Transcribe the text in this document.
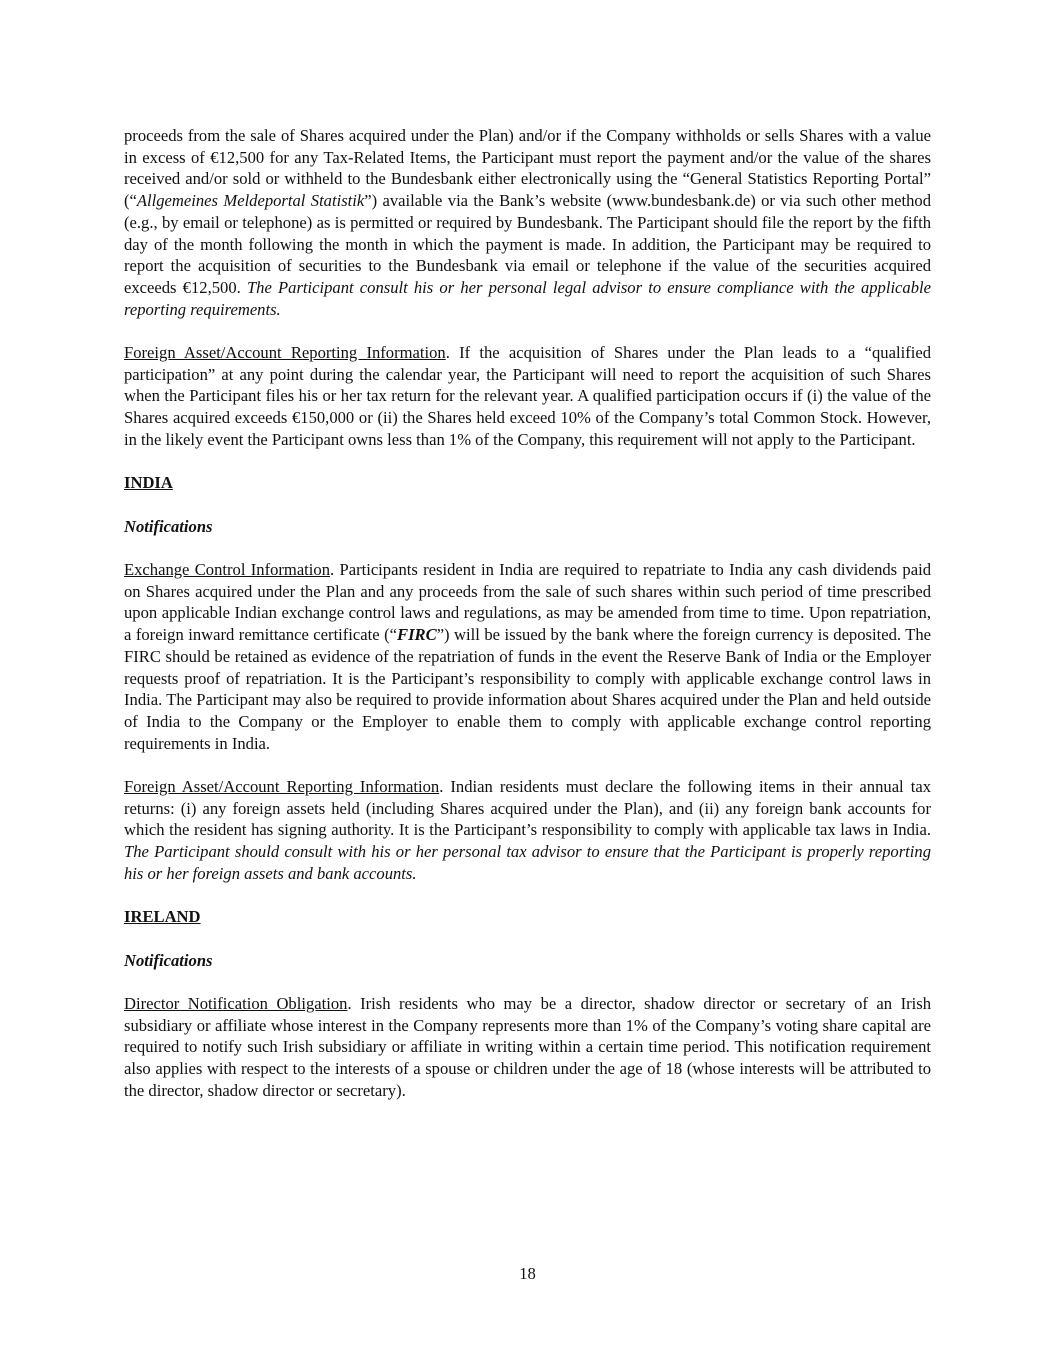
proceeds from the sale of Shares acquired under the Plan) and/or if the Company withholds or sells Shares with a value in excess of €12,500 for any Tax-Related Items, the Participant must report the payment and/or the value of the shares received and/or sold or withheld to the Bundesbank either electronically using the “General Statistics Reporting Portal” (“Allgemeines Meldeportal Statistik”) available via the Bank’s website (www.bundesbank.de) or via such other method (e.g., by email or telephone) as is permitted or required by Bundesbank. The Participant should file the report by the fifth day of the month following the month in which the payment is made. In addition, the Participant may be required to report the acquisition of securities to the Bundesbank via email or telephone if the value of the securities acquired exceeds €12,500. The Participant consult his or her personal legal advisor to ensure compliance with the applicable reporting requirements.

Foreign Asset/Account Reporting Information. If the acquisition of Shares under the Plan leads to a “qualified participation” at any point during the calendar year, the Participant will need to report the acquisition of such Shares when the Participant files his or her tax return for the relevant year. A qualified participation occurs if (i) the value of the Shares acquired exceeds €150,000 or (ii) the Shares held exceed 10% of the Company’s total Common Stock. However, in the likely event the Participant owns less than 1% of the Company, this requirement will not apply to the Participant.

INDIA
Notifications

Exchange Control Information. Participants resident in India are required to repatriate to India any cash dividends paid on Shares acquired under the Plan and any proceeds from the sale of such shares within such period of time prescribed upon applicable Indian exchange control laws and regulations, as may be amended from time to time. Upon repatriation, a foreign inward remittance certificate (“FIRC”) will be issued by the bank where the foreign currency is deposited. The FIRC should be retained as evidence of the repatriation of funds in the event the Reserve Bank of India or the Employer requests proof of repatriation. It is the Participant’s responsibility to comply with applicable exchange control laws in India. The Participant may also be required to provide information about Shares acquired under the Plan and held outside of India to the Company or the Employer to enable them to comply with applicable exchange control reporting requirements in India.

Foreign Asset/Account Reporting Information. Indian residents must declare the following items in their annual tax returns: (i) any foreign assets held (including Shares acquired under the Plan), and (ii) any foreign bank accounts for which the resident has signing authority. It is the Participant’s responsibility to comply with applicable tax laws in India. The Participant should consult with his or her personal tax advisor to ensure that the Participant is properly reporting his or her foreign assets and bank accounts.

IRELAND
Notifications

Director Notification Obligation. Irish residents who may be a director, shadow director or secretary of an Irish subsidiary or affiliate whose interest in the Company represents more than 1% of the Company’s voting share capital are required to notify such Irish subsidiary or affiliate in writing within a certain time period. This notification requirement also applies with respect to the interests of a spouse or children under the age of 18 (whose interests will be attributed to the director, shadow director or secretary).

18
